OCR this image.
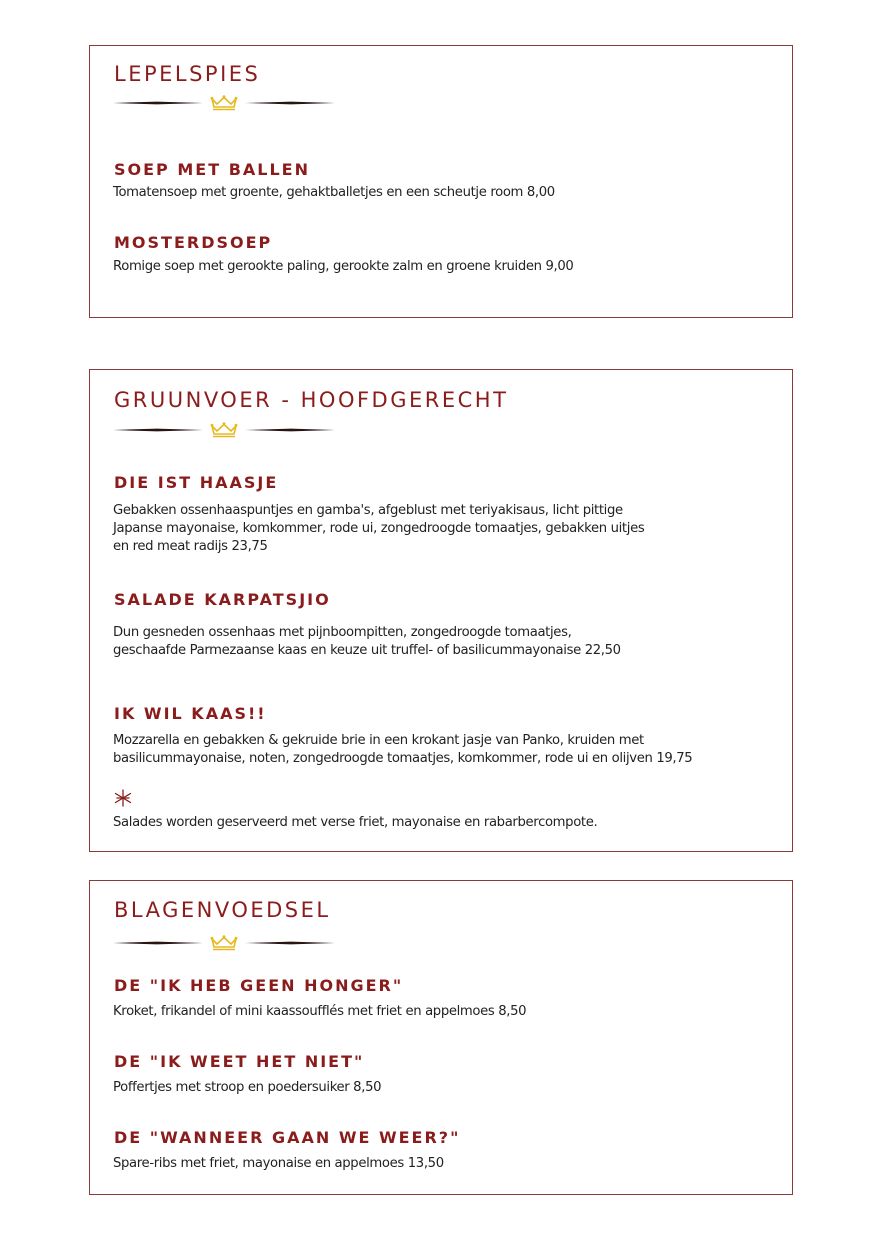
LEPELSPIES
SOEP MET BALLEN

Tomatensoep met groente, gehaktballetjes en een scheutje room 8,00

MOSTERDSOEP

Romige soep met gerookte paling, gerookte zalm en groene kruiden 9,00

GRUUNVOER - HOOFDGERECHT
DIE IST HAASJE

Gebakken ossenhaaspuntjes en gamba's, afgeblust met teriyakisaus, licht pittige

Japanse mayonaise, komkommer, rode ui, zongedroogde tomaatjes, gebakken uitjes

en red meat radijs 23,75

SALADE KARPATSJIO

Dun gesneden ossenhaas met pijnboompitten, zongedroogde tomaatjes,

geschaafde Parmezaanse kaas en keuze uit truffel- of basilicummayonaise 22,50

IK WIL KAAS!!

Mozzarella en gebakken & gekruide brie in een krokant jasje van Panko, kruiden met

basilicummayonaise, noten, zongedroogde tomaatjes, komkommer, rode ui en olijven 19,75

Salades worden geserveerd met verse friet, mayonaise en rabarbercompote.

BLAGENVOEDSEL
DE "IK HEB GEEN HONGER"

Kroket, frikandel of mini kaassoufflés met friet en appelmoes 8,50

DE "IK WEET HET NIET"

Poffertjes met stroop en poedersuiker 8,50

DE "WANNEER GAAN WE WEER?"

Spare-ribs met friet, mayonaise en appelmoes 13,50
